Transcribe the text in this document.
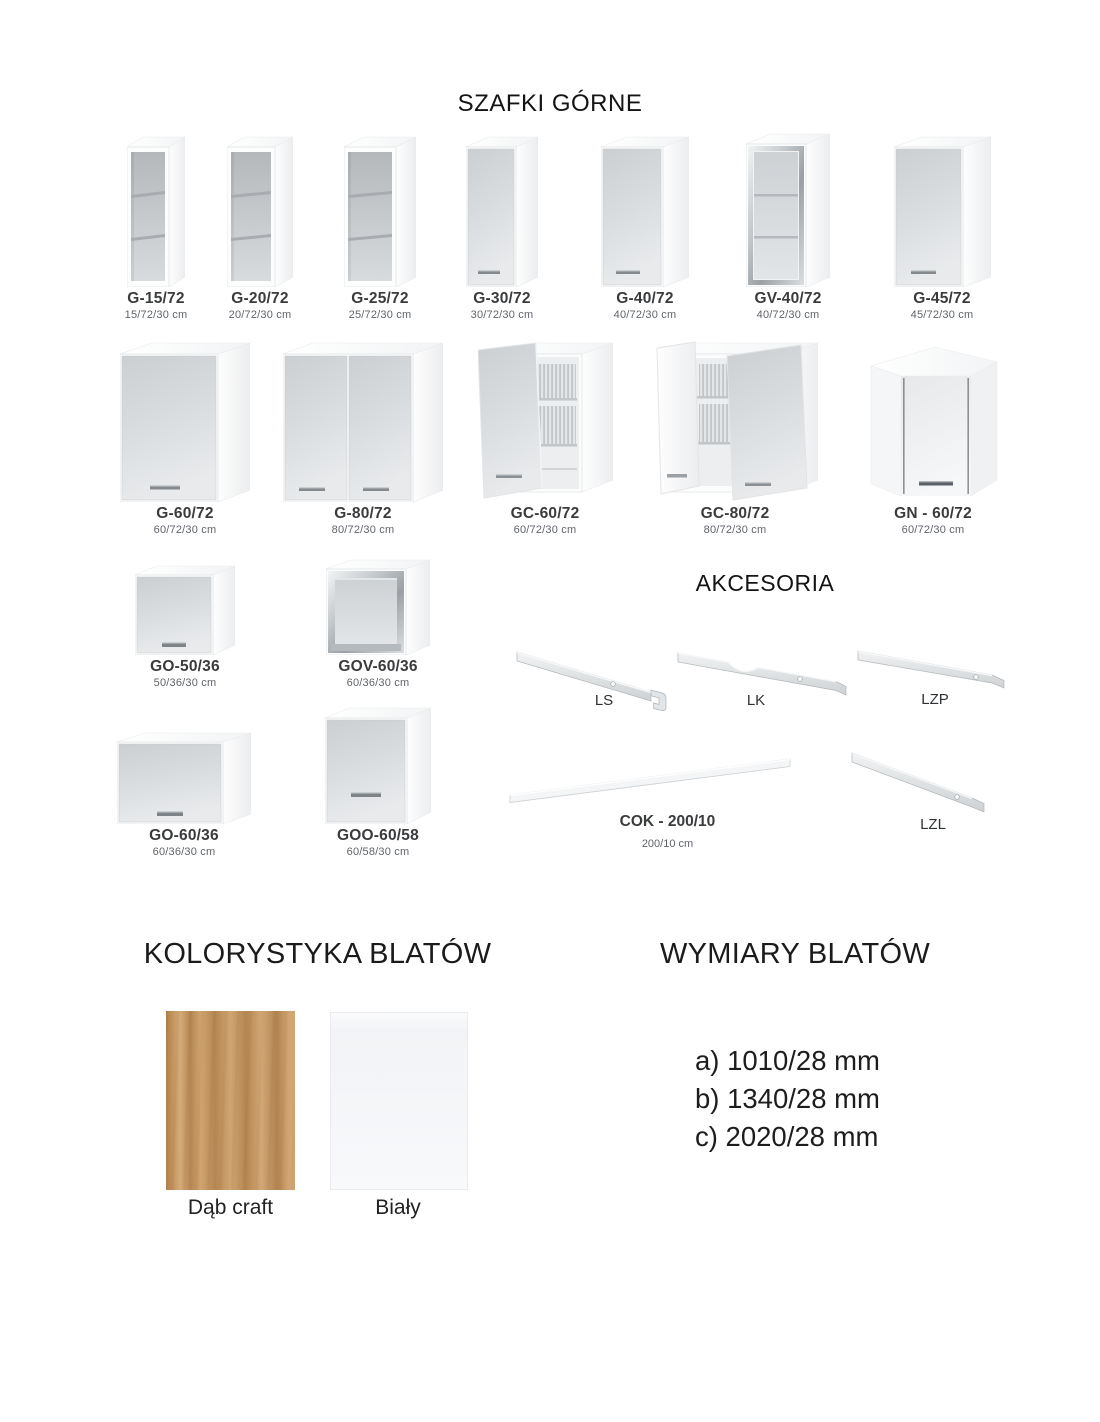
SZAFKI GÓRNE
G-15/72
15/72/30 cm
G-20/72
20/72/30 cm
G-25/72
25/72/30 cm
G-30/72
30/72/30 cm
G-40/72
40/72/30 cm
GV-40/72
40/72/30 cm
G-45/72
45/72/30 cm
G-60/72
60/72/30 cm
G-80/72
80/72/30 cm
GC-60/72
60/72/30 cm
GC-80/72
80/72/30 cm
GN - 60/72
60/72/30 cm
GO-50/36
50/36/30 cm
GOV-60/36
60/36/30 cm
AKCESORIA
LS	LK	LZP
GO-60/36
60/36/30 cm
GOO-60/58
60/58/30 cm
COK - 200/10
200/10 cm
LZL
KOLORYSTYKA BLATÓW	WYMIARY BLATÓW
Dąb craft	Biały
a) 1010/28 mm
b) 1340/28 mm
c) 2020/28 mm
